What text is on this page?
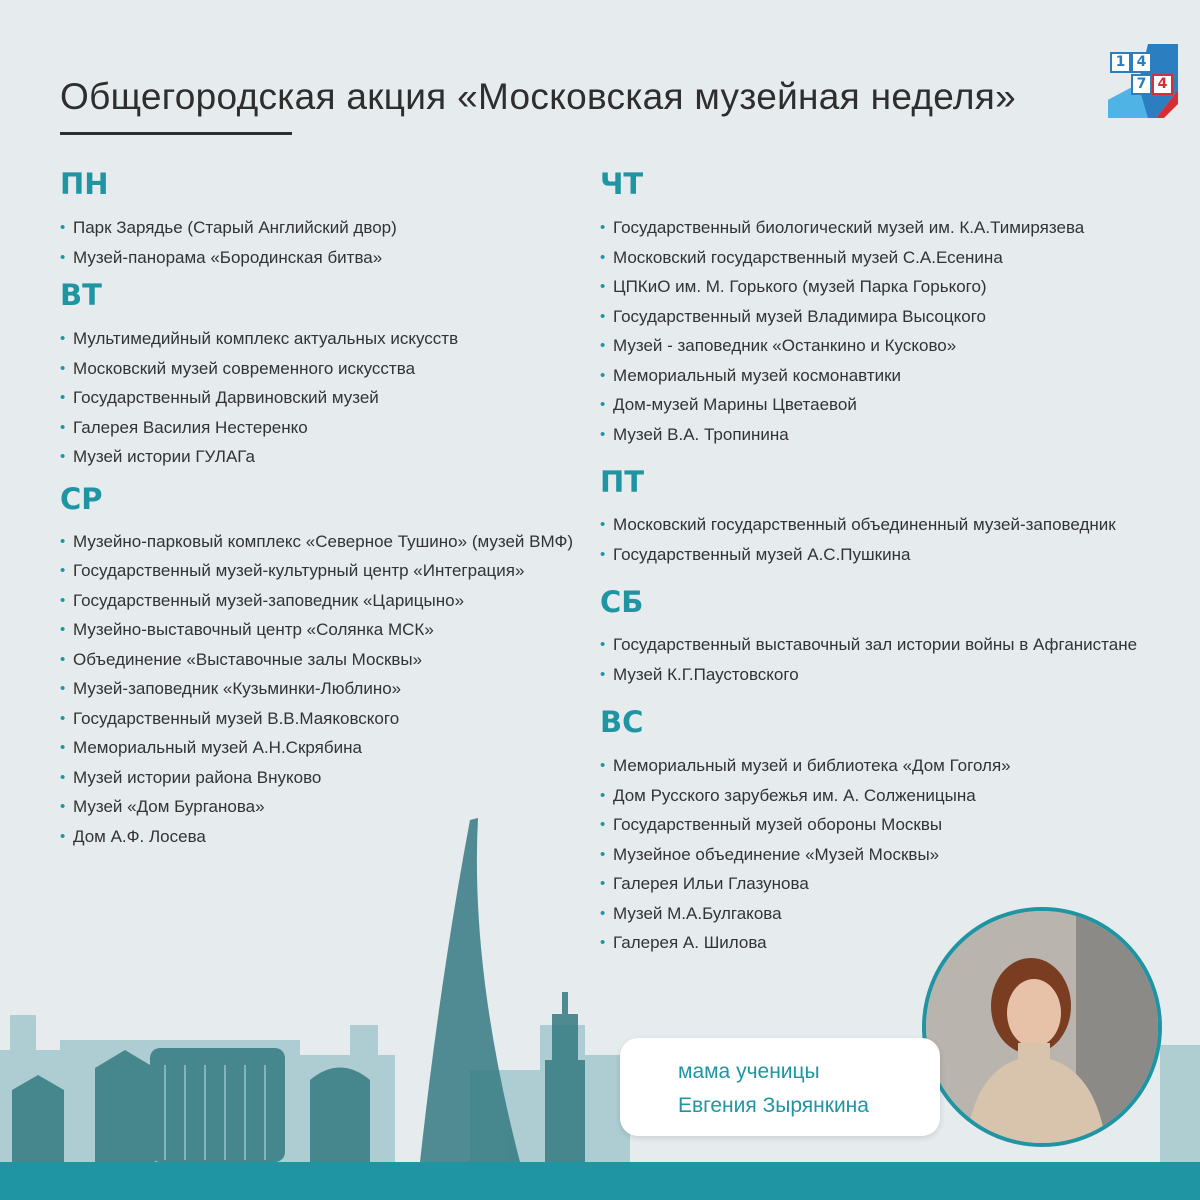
1 4
7 4
Общегородская акция «Московская музейная неделя»
ПН
• Парк Зарядье (Старый Английский двор)
• Музей-панорама «Бородинская битва»
ВТ
• Мультимедийный комплекс актуальных искусств
• Московский музей современного искусства
• Государственный Дарвиновский музей
• Галерея Василия Нестеренко
• Музей истории ГУЛАГа
СР
• Музейно-парковый комплекс «Северное Тушино» (музей ВМФ)
• Государственный музей-культурный центр «Интеграция»
• Государственный музей-заповедник «Царицыно»
• Музейно-выставочный центр «Солянка МСК»
• Объединение «Выставочные залы Москвы»
• Музей-заповедник «Кузьминки-Люблино»
• Государственный музей В.В.Маяковского
• Мемориальный музей А.Н.Скрябина
• Музей истории района Внуково
• Музей «Дом Бурганова»
• Дом А.Ф. Лосева
ЧТ
• Государственный биологический музей им. К.А.Тимирязева
• Московский государственный музей С.А.Есенина
• ЦПКиО им. М. Горького (музей Парка Горького)
• Государственный музей Владимира Высоцкого
• Музей - заповедник «Останкино и Кусково»
• Мемориальный музей космонавтики
• Дом-музей Марины Цветаевой
• Музей В.А. Тропинина
ПТ
• Московский государственный объединенный музей-заповедник
• Государственный музей А.С.Пушкина
СБ
• Государственный выставочный зал истории войны в Афганистане
• Музей К.Г.Паустовского
ВС
• Мемориальный музей и библиотека «Дом Гоголя»
• Дом Русского зарубежья им. А. Солженицына
• Государственный музей обороны Москвы
• Музейное объединение «Музей Москвы»
• Галерея Ильи Глазунова
• Музей М.А.Булгакова
• Галерея А. Шилова
мама ученицы
Евгения Зырянкина
